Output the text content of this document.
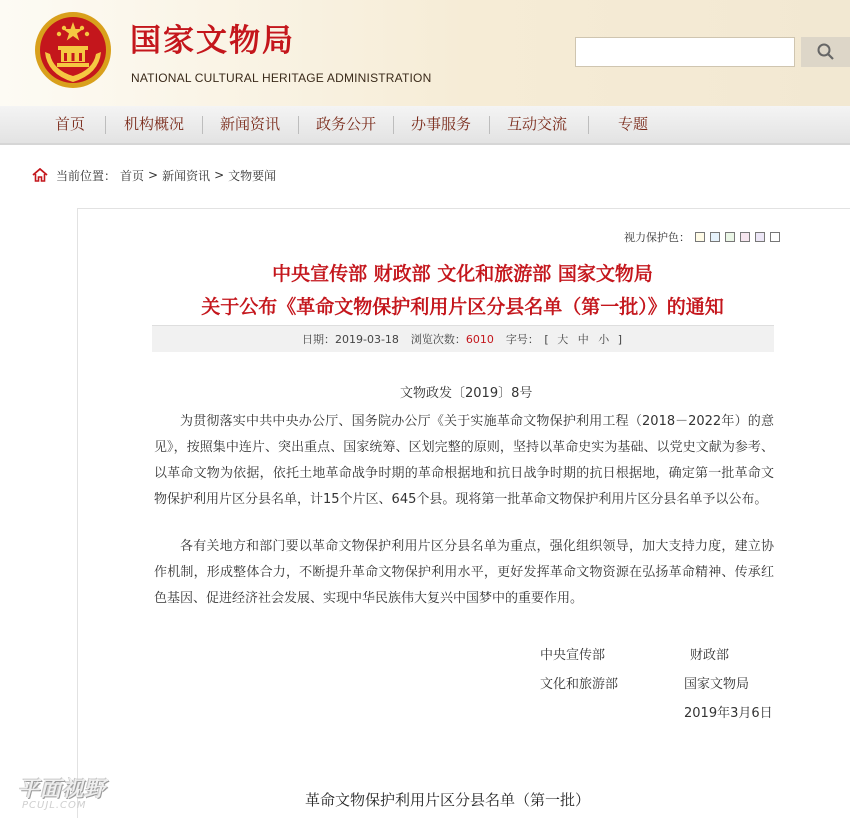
国家文物局
NATIONAL CULTURAL HERITAGE ADMINISTRATION
首页	机构概况 新闻资讯 政务公开 办事服务 互动交流	专题
当前位置： 首页 > 新闻资讯 > 文物要闻
视力保护色：
中央宣传部 财政部 文化和旅游部 国家文物局
关于公布《革命文物保护利用片区分县名单（第一批）》的通知
日期：2019-03-18 浏览次数：6010 字号： [ 大 中 小 ]
文物政发〔2019〕8号
为贯彻落实中共中央办公厅、国务院办公厅《关于实施革命文物保护利用工程（2018－2022年）的意见》，按照集中连片、突出重点、国家统筹、区划完整的原则，坚持以革命史实为基础、以党史文献为参考、以革命文物为依据，依托土地革命战争时期的革命根据地和抗日战争时期的抗日根据地，确定第一批革命文物保护利用片区分县名单，计15个片区、645个县。现将第一批革命文物保护利用片区分县名单予以公布。
各有关地方和部门要以革命文物保护利用片区分县名单为重点，强化组织领导，加大支持力度，建立协作机制，形成整体合力，不断提升革命文物保护利用水平，更好发挥革命文物资源在弘扬革命精神、传承红色基因、促进经济社会发展、实现中华民族伟大复兴中国梦中的重要作用。
中央宣传部	财政部
文化和旅游部	国家文物局
2019年3月6日
平面视野
PCUJL.COM	革命文物保护利用片区分县名单（第一批）
